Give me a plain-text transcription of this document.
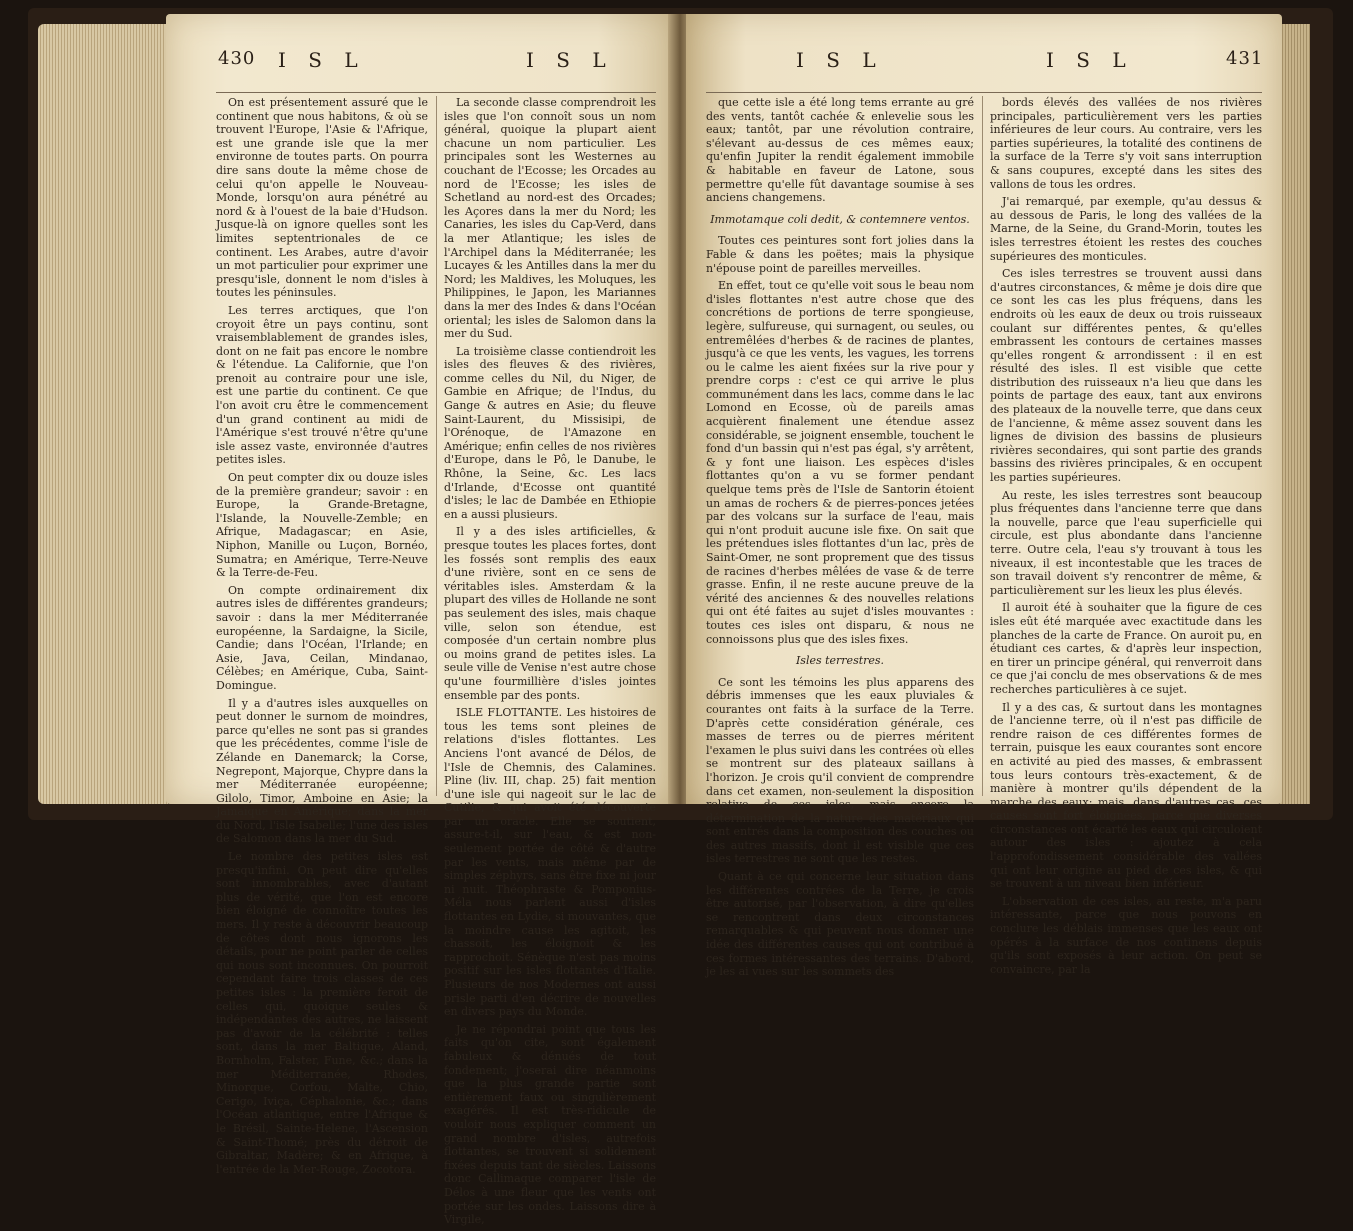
430 I S L	I S L

On est présentement assuré que le continent que nous habitons, & où se trouvent l'Europe, l'Asie & l'Afrique, est une grande isle que la mer environne de toutes parts. On pourra dire sans doute la même chose de celui qu'on appelle le Nouveau-Monde, lorsqu'on aura pénétré au nord & à l'ouest de la baie d'Hudson. Jusque-là on ignore quelles sont les limites septentrionales de ce continent. Les Arabes, autre d'avoir un mot particulier pour exprimer une presqu'isle, donnent le nom d'isles à toutes les péninsules.

Les terres arctiques, que l'on croyoit être un pays continu, sont vraisemblablement de grandes isles, dont on ne fait pas encore le nombre & l'étendue. La Californie, que l'on prenoit au contraire pour une isle, est une partie du continent. Ce que l'on avoit cru être le commencement d'un grand continent au midi de l'Amérique s'est trouvé n'être qu'une isle assez vaste, environnée d'autres petites isles.

On peut compter dix ou douze isles de la première grandeur; savoir : en Europe, la Grande-Bretagne, l'Islande, la Nouvelle-Zemble; en Afrique, Madagascar; en Asie, Niphon, Manille ou Luçon, Bornéo, Sumatra; en Amérique, Terre-Neuve & la Terre-de-Feu.

On compte ordinairement dix autres isles de différentes grandeurs; savoir : dans la mer Méditerranée européenne, la Sardaigne, la Sicile, Candie; dans l'Océan, l'Irlande; en Asie, Java, Ceilan, Mindanao, Célèbes; en Amérique, Cuba, Saint-Domingue.

Il y a d'autres isles auxquelles on peut donner le surnom de moindres, parce qu'elles ne sont pas si grandes que les précédentes, comme l'isle de Zélande en Danemarck; la Corse, Negrepont, Majorque, Chypre dans la mer Méditerranée européenne; Gilolo, Timor, Amboine en Asie; la Jamaïque en Amérique; dans la mer du Nord, l'isle Isabelle; l'une des isles de Salomon dans la mer du Sud.

Le nombre des petites isles est presqu'infini. On peut dire qu'elles sont innombrables, avec d'autant plus de vérité, que l'on est encore bien éloigné de connoître toutes les mers. Il y reste à découvrir beaucoup de côtes dont nous ignorons les détails, pour ne point parler de celles qui nous sont inconnues. On pourroit cependant faire trois classes de ces petites isles : la première feroit de celles qui, quoique seules & indépendantes des autres, ne laissent pas d'avoir de la célébrité : telles sont, dans la mer Baltique, Aland, Bornholm, Falster, Fune, &c.; dans la mer Méditerranée, Rhodes, Minorque, Corfou, Malte, Chio, Cerigo, Iviça, Céphalonie, &c.; dans l'Océan atlantique, entre l'Afrique & le Brésil, Sainte-Helene, l'Ascension & Saint-Thomé; près du détroit de Gibraltar, Madère; & en Afrique, à l'entrée de la Mer-Rouge, Zocotora.

La seconde classe comprendroit les isles que l'on connoît sous un nom général, quoique la plupart aient chacune un nom particulier. Les principales sont les Westernes au couchant de l'Ecosse; les Orcades au nord de l'Ecosse; les isles de Schetland au nord-est des Orcades; les Açores dans la mer du Nord; les Canaries, les isles du Cap-Verd, dans la mer Atlantique; les isles de l'Archipel dans la Méditerranée; les Lucayes & les Antilles dans la mer du Nord; les Maldives, les Moluques, les Philippines, le Japon, les Mariannes dans la mer des Indes & dans l'Océan oriental; les isles de Salomon dans la mer du Sud.

La troisième classe contiendroit les isles des fleuves & des rivières, comme celles du Nil, du Niger, de Gambie en Afrique; de l'Indus, du Gange & autres en Asie; du fleuve Saint-Laurent, du Missisipi, de l'Orénoque, de l'Amazone en Amérique; enfin celles de nos rivières d'Europe, dans le Pô, le Danube, le Rhône, la Seine, &c. Les lacs d'Irlande, d'Ecosse ont quantité d'isles; le lac de Dambée en Ethiopie en a aussi plusieurs.

Il y a des isles artificielles, & presque toutes les places fortes, dont les fossés sont remplis des eaux d'une rivière, sont en ce sens de véritables isles. Amsterdam & la plupart des villes de Hollande ne sont pas seulement des isles, mais chaque ville, selon son étendue, est composée d'un certain nombre plus ou moins grand de petites isles. La seule ville de Venise n'est autre chose qu'une fourmillière d'isles jointes ensemble par des ponts.

ISLE FLOTTANTE. Les histoires de tous les tems sont pleines de relations d'isles flottantes. Les Anciens l'ont avancé de Délos, de l'Isle de Chemnis, des Calamines. Pline (liv. III, chap. 25) fait mention d'une isle qui nageoit sur le lac de Cutilie, & qui avoit été découverte par un oracle. Elle se soutient, assure-t-il, sur l'eau, & est non-seulement portée de côté & d'autre par les vents, mais même par de simples zéphyrs, sans être fixe ni jour ni nuit. Théophraste & Pomponius-Méla nous parlent aussi d'isles flottantes en Lydie, si mouvantes, que la moindre cause les agitoit, les chassoit, les éloignoit & les rapprochoit. Sénèque n'est pas moins positif sur les isles flottantes d'Italie. Plusieurs de nos Modernes ont aussi prisle parti d'en décrire de nouvelles en divers pays du Monde.

Je ne répondrai point que tous les faits qu'on cite, sont également fabuleux & dénués de tout fondement; j'oserai dire néanmoins que la plus grande partie sont entièrement faux ou singulièrement exagérés. Il est très-ridicule de vouloir nous expliquer comment un grand nombre d'isles, autrefois flottantes, se trouvent si solidement fixées depuis tant de siècles. Laissons donc Callimaque comparer l'isle de Délos à une fleur que les vents ont portée sur les ondes. Laissons dire à Virgile,

I S L	I S L	431

que cette isle a été long tems errante au gré des vents, tantôt cachée & enlevelie sous les eaux; tantôt, par une révolution contraire, s'élevant au-dessus de ces mêmes eaux; qu'enfin Jupiter la rendit également immobile & habitable en faveur de Latone, sous permettre qu'elle fût davantage soumise à ses anciens changemens.

Immotamque coli dedit, & contemnere ventos.

Toutes ces peintures sont fort jolies dans la Fable & dans les poëtes; mais la physique n'épouse point de pareilles merveilles.

En effet, tout ce qu'elle voit sous le beau nom d'isles flottantes n'est autre chose que des concrétions de portions de terre spongieuse, legère, sulfureuse, qui surnagent, ou seules, ou entremêlées d'herbes & de racines de plantes, jusqu'à ce que les vents, les vagues, les torrens ou le calme les aient fixées sur la rive pour y prendre corps : c'est ce qui arrive le plus communément dans les lacs, comme dans le lac Lomond en Ecosse, où de pareils amas acquièrent finalement une étendue assez considérable, se joignent ensemble, touchent le fond d'un bassin qui n'est pas égal, s'y arrêtent, & y font une liaison. Les espèces d'isles flottantes qu'on a vu se former pendant quelque tems près de l'Isle de Santorin étoient un amas de rochers & de pierres-ponces jetées par des volcans sur la surface de l'eau, mais qui n'ont produit aucune isle fixe. On sait que les prétendues isles flottantes d'un lac, près de Saint-Omer, ne sont proprement que des tissus de racines d'herbes mêlées de vase & de terre grasse. Enfin, il ne reste aucune preuve de la vérité des anciennes & des nouvelles relations qui ont été faites au sujet d'isles mouvantes : toutes ces isles ont disparu, & nous ne connoissons plus que des isles fixes.

Isles terrestres.

Ce sont les témoins les plus apparens des débris immenses que les eaux pluviales & courantes ont faits à la surface de la Terre. D'après cette considération générale, ces masses de terres ou de pierres méritent l'examen le plus suivi dans les contrées où elles se montrent sur des plateaux saillans à l'horizon. Je crois qu'il convient de comprendre dans cet examen, non-seulement la disposition relative de ces isles, mais encore la détermination de la nature des matériaux qui sont entrés dans la composition des couches ou des autres massifs, dont il est visible que ces isles terrestres ne sont que les restes.

Quant à ce qui concerne leur situation dans les différentes contrées de la Terre, je crois être autorisé, par l'observation, à dire qu'elles se rencontrent dans deux circonstances remarquables & qui peuvent nous donner une idée des différentes causes qui ont contribué à ces formes intéressantes des terrains. D'abord, je les ai vues sur les sommets des

bords élevés des vallées de nos rivières principales, particulièrement vers les parties inférieures de leur cours. Au contraire, vers les parties supérieures, la totalité des continens de la surface de la Terre s'y voit sans interruption & sans coupures, excepté dans les sites des vallons de tous les ordres.

J'ai remarqué, par exemple, qu'au dessus & au dessous de Paris, le long des vallées de la Marne, de la Seine, du Grand-Morin, toutes les isles terrestres étoient les restes des couches supérieures des monticules.

Ces isles terrestres se trouvent aussi dans d'autres circonstances, & même je dois dire que ce sont les cas les plus fréquens, dans les endroits où les eaux de deux ou trois ruisseaux coulant sur différentes pentes, & qu'elles embrassent les contours de certaines masses qu'elles rongent & arrondissent : il en est résulté des isles. Il est visible que cette distribution des ruisseaux n'a lieu que dans les points de partage des eaux, tant aux environs des plateaux de la nouvelle terre, que dans ceux de l'ancienne, & même assez souvent dans les lignes de division des bassins de plusieurs rivières secondaires, qui sont partie des grands bassins des rivières principales, & en occupent les parties supérieures.

Au reste, les isles terrestres sont beaucoup plus fréquentes dans l'ancienne terre que dans la nouvelle, parce que l'eau superficielle qui circule, est plus abondante dans l'ancienne terre. Outre cela, l'eau s'y trouvant à tous les niveaux, il est incontestable que les traces de son travail doivent s'y rencontrer de même, & particulièrement sur les lieux les plus élevés.

Il auroit été à souhaiter que la figure de ces isles eût été marquée avec exactitude dans les planches de la carte de France. On auroit pu, en étudiant ces cartes, & d'après leur inspection, en tirer un principe général, qui renverroit dans ce que j'ai conclu de mes observations & de mes recherches particulières à ce sujet.

Il y a des cas, & surtout dans les montagnes de l'ancienne terre, où il n'est pas difficile de rendre raison de ces différentes formes de terrain, puisque les eaux courantes sont encore en activité au pied des masses, & embrassent tous leurs contours très-exactement, & de manière à montrer qu'ils dépendent de la marche des eaux; mais, dans d'autres cas, ces causes sont fort éloignées, parce que diverses circonstances ont écarté les eaux qui circuloient autour des isles : ajoutez à cela l'approfondissement considérable des vallées qui ont leur origine au pied de ces isles, & qui se trouvent à un niveau bien inférieur.

L'observation de ces isles, au reste, m'a paru intéressante, parce que nous pouvons en conclure les déblais immenses que les eaux ont opérés à la surface de nos continens depuis qu'ils sont exposés à leur action. On peut se convaincre, par la
